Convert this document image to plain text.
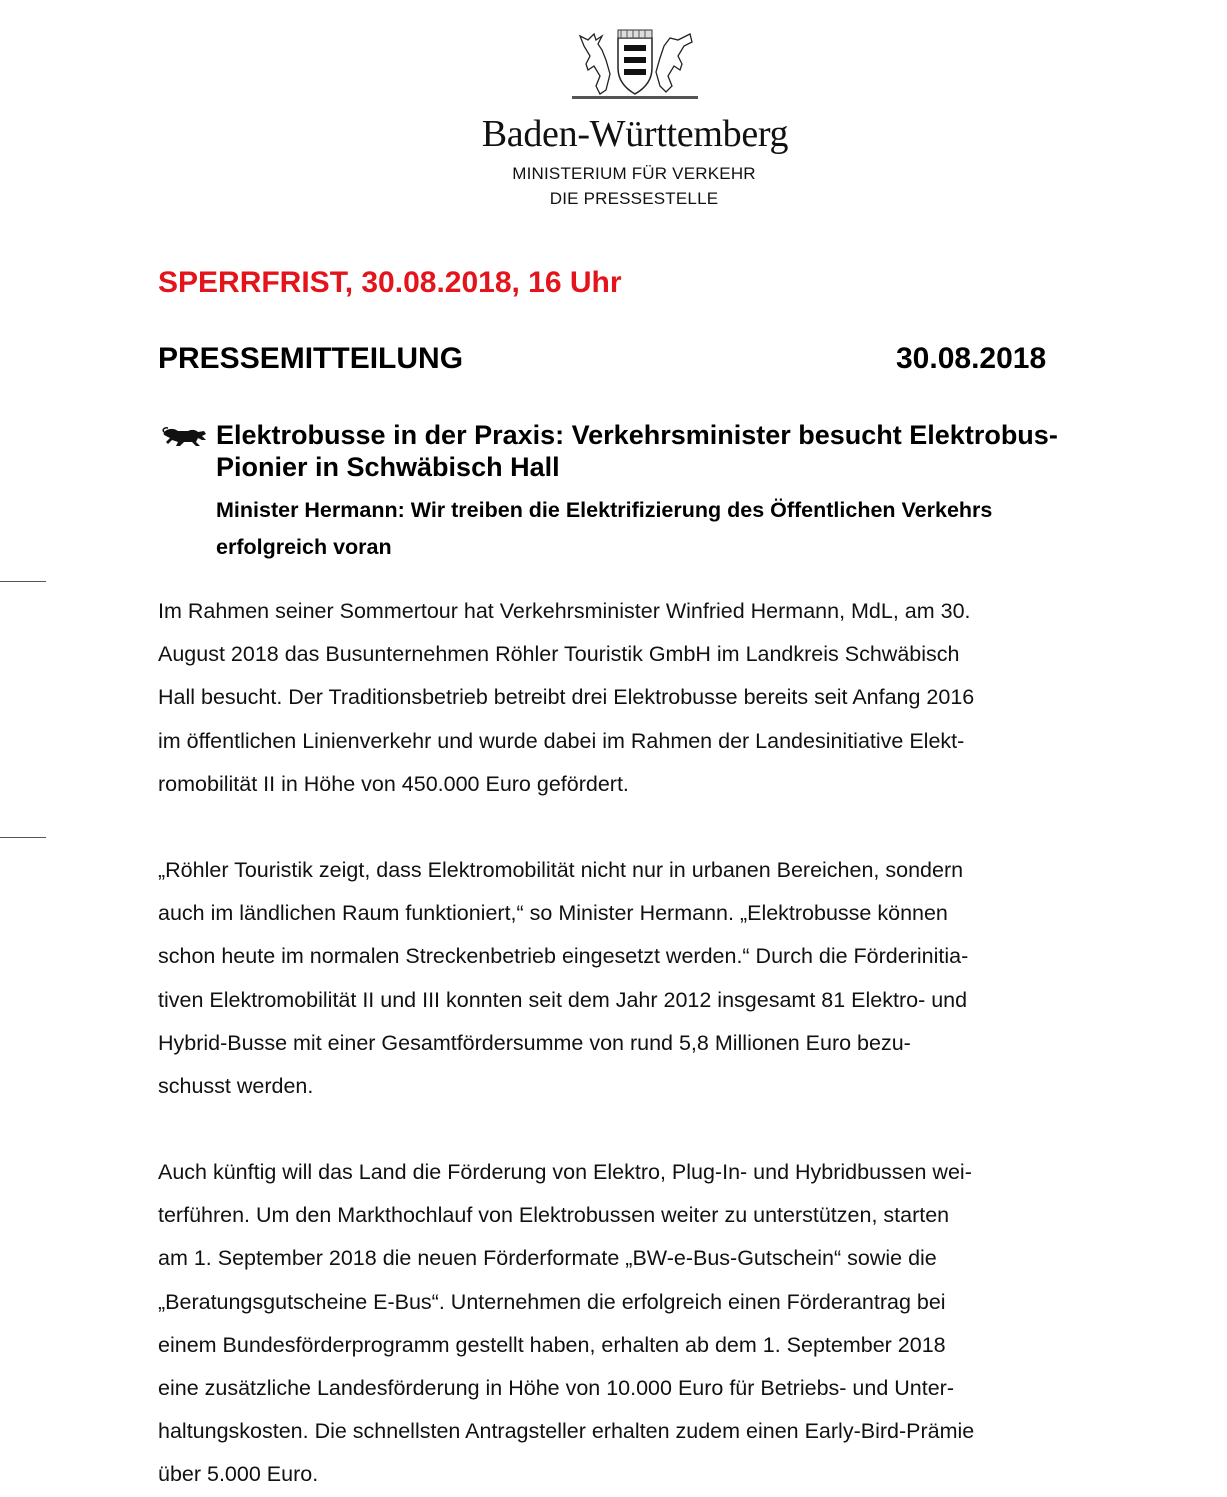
Baden-Württemberg
MINISTERIUM FÜR VERKEHR
DIE PRESSESTELLE
SPERRFRIST, 30.08.2018, 16 Uhr
PRESSEMITTEILUNG	30.08.2018
Elektrobusse in der Praxis: Verkehrsminister besucht Elektrobus-
Pionier in Schwäbisch Hall
Minister Hermann: Wir treiben die Elektrifizierung des Öffentlichen Verkehrs
erfolgreich voran
Im Rahmen seiner Sommertour hat Verkehrsminister Winfried Hermann, MdL, am 30.
August 2018 das Busunternehmen Röhler Touristik GmbH im Landkreis Schwäbisch
Hall besucht. Der Traditionsbetrieb betreibt drei Elektrobusse bereits seit Anfang 2016
im öffentlichen Linienverkehr und wurde dabei im Rahmen der Landesinitiative Elekt-
romobilität II in Höhe von 450.000 Euro gefördert.
„Röhler Touristik zeigt, dass Elektromobilität nicht nur in urbanen Bereichen, sondern
auch im ländlichen Raum funktioniert,“ so Minister Hermann. „Elektrobusse können
schon heute im normalen Streckenbetrieb eingesetzt werden.“ Durch die Förderinitia-
tiven Elektromobilität II und III konnten seit dem Jahr 2012 insgesamt 81 Elektro- und
Hybrid-Busse mit einer Gesamtfördersumme von rund 5,8 Millionen Euro bezu-
schusst werden.
Auch künftig will das Land die Förderung von Elektro, Plug-In- und Hybridbussen wei-
terführen. Um den Markthochlauf von Elektrobussen weiter zu unterstützen, starten
am 1. September 2018 die neuen Förderformate „BW-e-Bus-Gutschein“ sowie die
„Beratungsgutscheine E-Bus“. Unternehmen die erfolgreich einen Förderantrag bei
einem Bundesförderprogramm gestellt haben, erhalten ab dem 1. September 2018
eine zusätzliche Landesförderung in Höhe von 10.000 Euro für Betriebs- und Unter-
haltungskosten. Die schnellsten Antragsteller erhalten zudem einen Early-Bird-Prämie
über 5.000 Euro.
